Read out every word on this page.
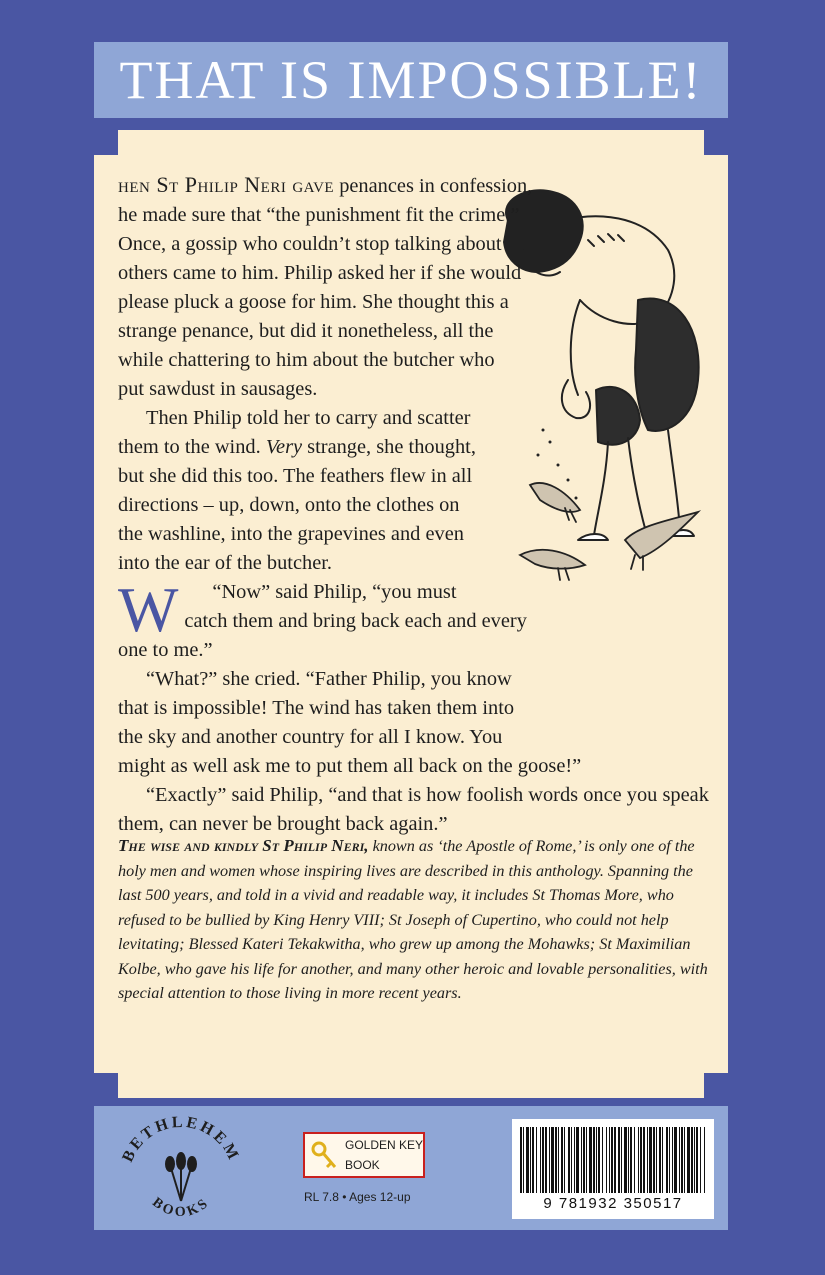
THAT IS IMPOSSIBLE!

W
hen St Philip Neri gave penances in confession, he made sure that “the punishment fit the crime.” Once, a gossip who couldn’t stop talking about others came to him. Philip asked her if she would please pluck a goose for him. She thought this a strange penance, but did it nonetheless, all the while chattering to him about the butcher who put sawdust in sausages.

Then Philip told her to carry and scatter them to the wind. Very strange, she thought, but she did this too. The feathers flew in all directions – up, down, onto the clothes on the washline, into the grapevines and even into the ear of the butcher.

“Now” said Philip, “you must catch them and bring back each and every one to me.”

“What?” she cried. “Father Philip, you know that is impossible! The wind has taken them into the sky and another country for all I know. You might as well ask me to put them all back on the goose!”

“Exactly” said Philip, “and that is how foolish words once you speak them, can never be brought back again.”

The wise and kindly St Philip Neri, known as ‘the Apostle of Rome,’ is only one of the holy men and women whose inspiring lives are described in this anthology. Spanning the last 500 years, and told in a vivid and readable way, it includes St Thomas More, who refused to be bullied by King Henry VIII; St Joseph of Cupertino, who could not help levitating; Blessed Kateri Tekakwitha, who grew up among the Mohawks; St Maximilian Kolbe, who gave his life for another, and many other heroic and lovable personalities, with special attention to those living in more recent years.
BETHLEHEM
BOOKS
GOLDEN KEY
BOOK
RL 7.8 • Ages 12-up	9 781932 350517
